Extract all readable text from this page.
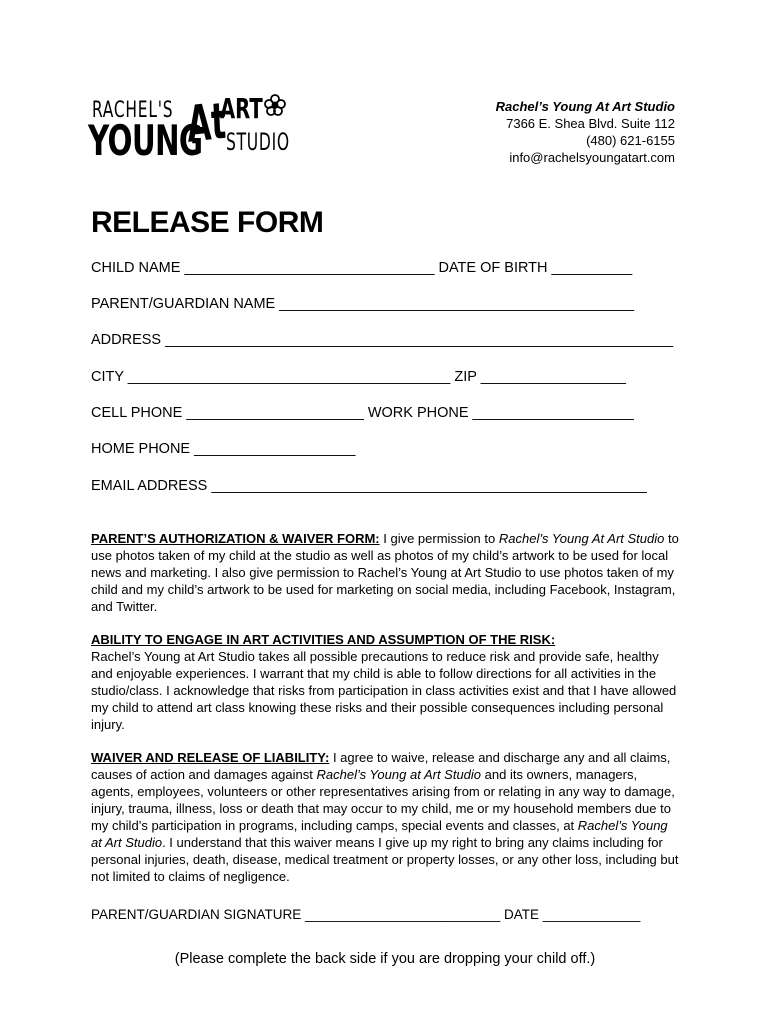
RACHEL'S
YOUNG
At
ART
STUDIO
Rachel’s Young At Art Studio
7366 E. Shea Blvd. Suite 112
(480) 621-6155
info@rachelsyoungatart.com
RELEASE FORM
CHILD NAME _______________________________ DATE OF BIRTH __________
PARENT/GUARDIAN NAME ____________________________________________
ADDRESS _______________________________________________________________
CITY ________________________________________ ZIP __________________
CELL PHONE ______________________ WORK PHONE ____________________
HOME PHONE ____________________
EMAIL ADDRESS ______________________________________________________
PARENT’S AUTHORIZATION & WAIVER FORM: I give permission to Rachel’s Young At Art Studio to use photos taken of my child at the studio as well as photos of my child’s artwork to be used for local news and marketing. I also give permission to Rachel’s Young at Art Studio to use photos taken of my child and my child’s artwork to be used for marketing on social media, including Facebook, Instagram, and Twitter.
ABILITY TO ENGAGE IN ART ACTIVITIES AND ASSUMPTION OF THE RISK:
Rachel’s Young at Art Studio takes all possible precautions to reduce risk and provide safe, healthy and enjoyable experiences. I warrant that my child is able to follow directions for all activities in the studio/class. I acknowledge that risks from participation in class activities exist and that I have allowed my child to attend art class knowing these risks and their possible consequences including personal injury.
WAIVER AND RELEASE OF LIABILITY: I agree to waive, release and discharge any and all claims, causes of action and damages against Rachel’s Young at Art Studio and its owners, managers, agents, employees, volunteers or other representatives arising from or relating in any way to damage, injury, trauma, illness, loss or death that may occur to my child, me or my household members due to my child’s participation in programs, including camps, special events and classes, at Rachel’s Young at Art Studio. I understand that this waiver means I give up my right to bring any claims including for personal injuries, death, disease, medical treatment or property losses, or any other loss, including but not limited to claims of negligence.
PARENT/GUARDIAN SIGNATURE __________________________ DATE _____________
(Please complete the back side if you are dropping your child off.)
